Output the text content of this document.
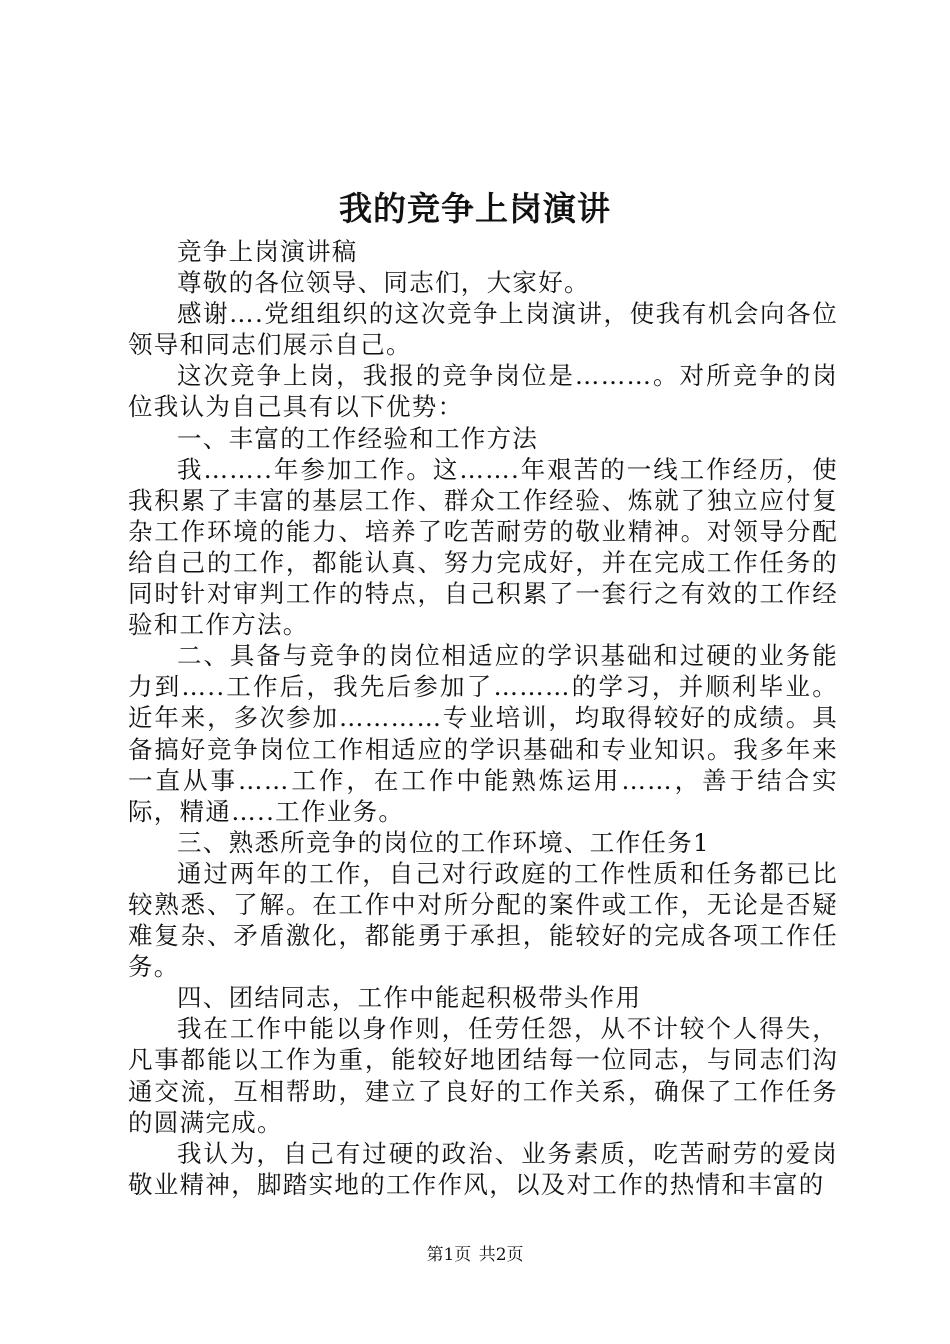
我的竞争上岗演讲

竞争上岗演讲稿

尊敬的各位领导、同志们，大家好。

感谢….党组组织的这次竞争上岗演讲，使我有机会向各位领导和同志们展示自己。

这次竞争上岗，我报的竞争岗位是………。对所竞争的岗位我认为自己具有以下优势：

一、丰富的工作经验和工作方法

我……..年参加工作。这…….年艰苦的一线工作经历，使我积累了丰富的基层工作、群众工作经验、炼就了独立应付复杂工作环境的能力、培养了吃苦耐劳的敬业精神。对领导分配给自己的工作，都能认真、努力完成好，并在完成工作任务的同时针对审判工作的特点，自己积累了一套行之有效的工作经验和工作方法。

二、具备与竞争的岗位相适应的学识基础和过硬的业务能力到…..工作后，我先后参加了………的学习，并顺利毕业。近年来，多次参加…………专业培训，均取得较好的成绩。具备搞好竞争岗位工作相适应的学识基础和专业知识。我多年来一直从事……工作，在工作中能熟炼运用……，善于结合实际，精通…..工作业务。

三、熟悉所竞争的岗位的工作环境、工作任务1

通过两年的工作，自己对行政庭的工作性质和任务都已比较熟悉、了解。在工作中对所分配的案件或工作，无论是否疑难复杂、矛盾激化，都能勇于承担，能较好的完成各项工作任务。

四、团结同志，工作中能起积极带头作用

我在工作中能以身作则，任劳任怨，从不计较个人得失，凡事都能以工作为重，能较好地团结每一位同志，与同志们沟通交流，互相帮助，建立了良好的工作关系，确保了工作任务的圆满完成。

我认为，自己有过硬的政治、业务素质，吃苦耐劳的爱岗敬业精神，脚踏实地的工作作风，以及对工作的热情和丰富的

第1页 共2页
